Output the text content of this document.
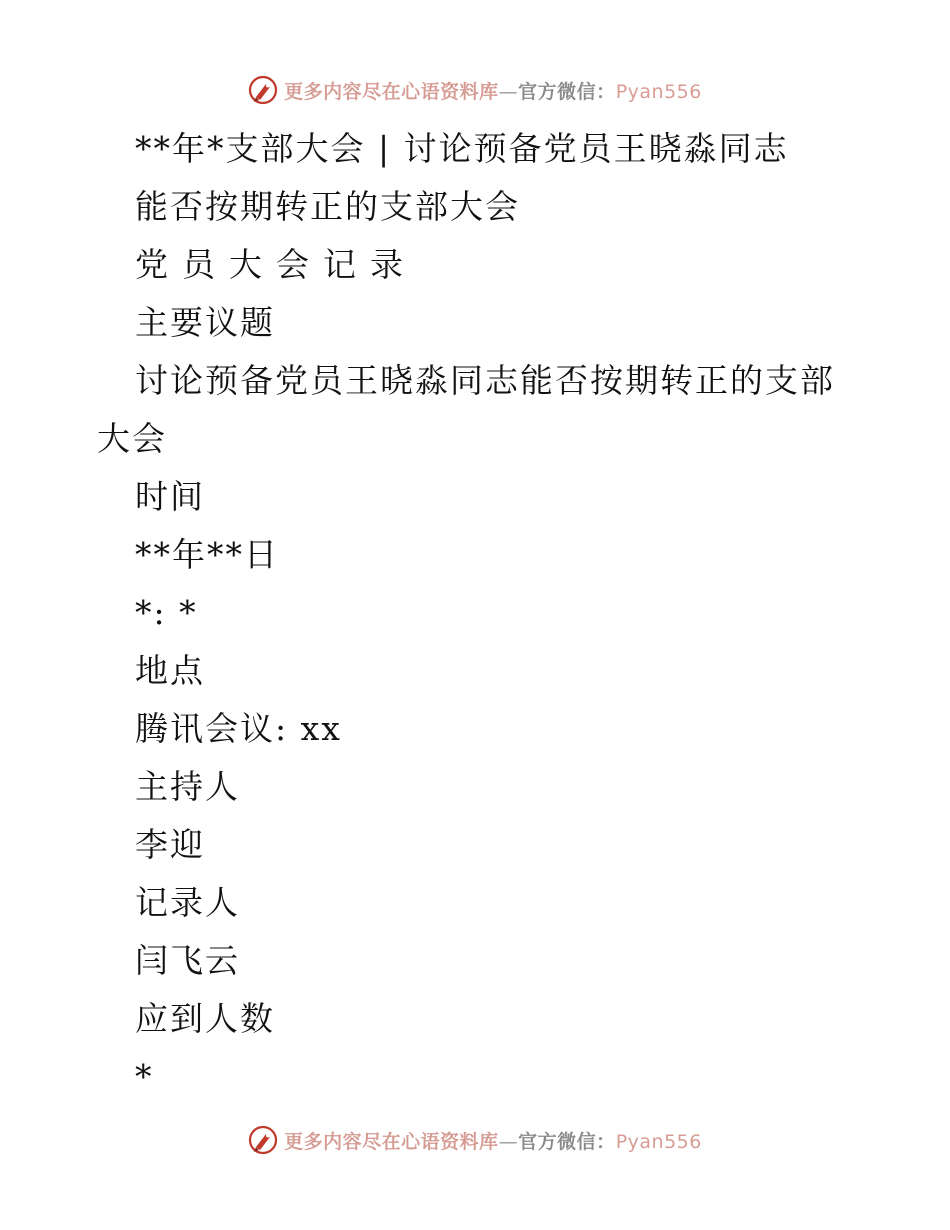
更多内容尽在心语资料库—官方微信：Pyan556

**年*支部大会 | 讨论预备党员王晓淼同志

能否按期转正的支部大会

党员大会记录

主要议题

讨论预备党员王晓淼同志能否按期转正的支部大会

时间

**年**日

*: *

地点

腾讯会议: xx

主持人

李迎

记录人

闫飞云

应到人数

*

更多内容尽在心语资料库—官方微信：Pyan556
